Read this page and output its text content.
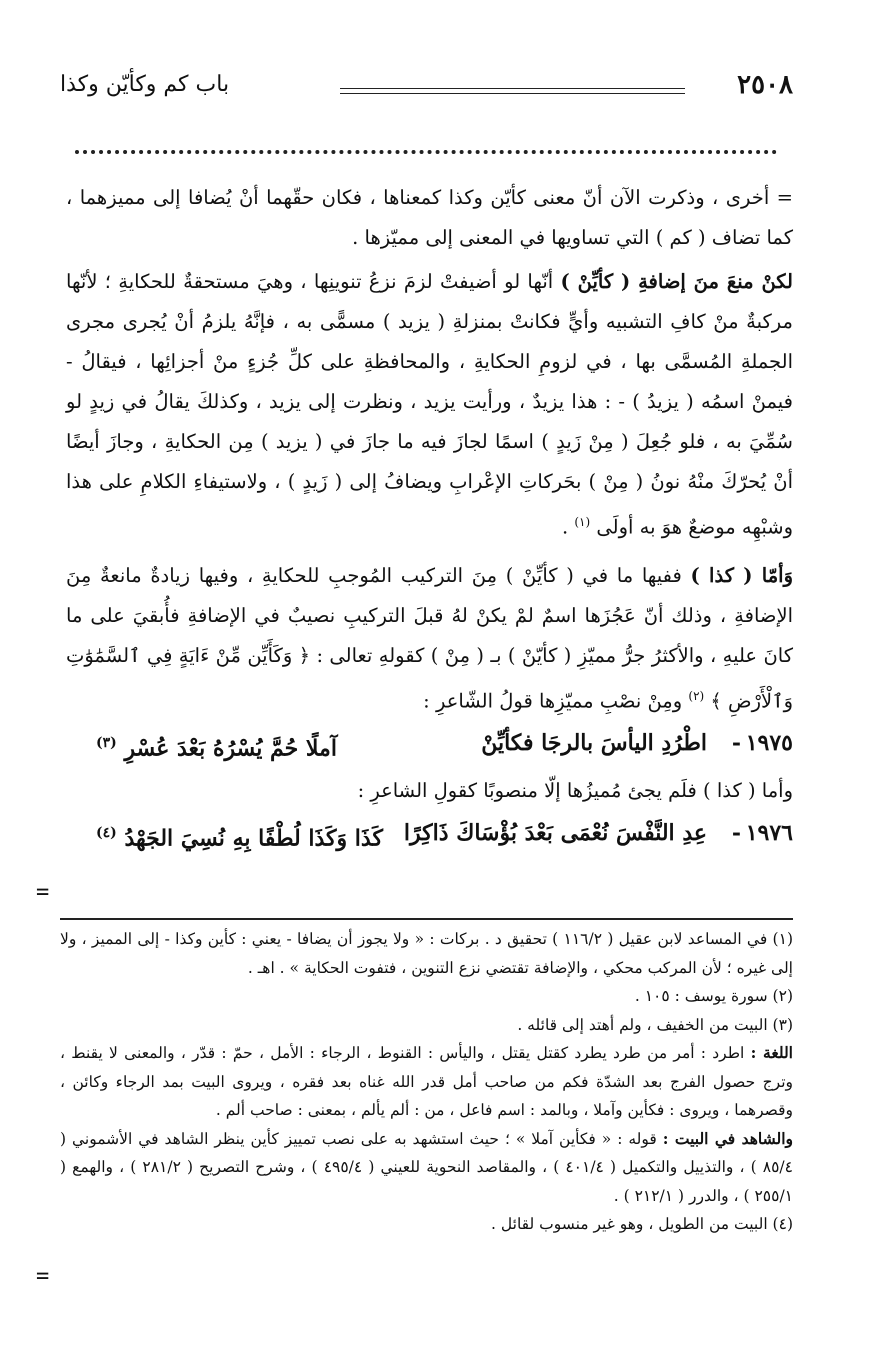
٢٥٠٨
باب كم وكأيّن وكذا

= أخرى ، وذكرت الآن أنّ معنى كأيّن وكذا كمعناها ، فكان حقّهما أنْ يُضافا إلى مميزهما ، كما تضاف ( كم ) التي تساويها في المعنى إلى مميّزها .

لكنْ منعَ منَ إضافةِ ( كأيِّنْ ) أنّها لو أضيفتْ لزمَ نزعُ تنوينِها ، وهيَ مستحقةٌ للحكايةِ ؛ لأنّها مركبةٌ منْ كافِ التشبيه وأيٍّ فكانتْ بمنزلةِ ( يزيد ) مسمًّى به ، فإنَّهُ يلزمُ أنْ يُجرى مجرى الجملةِ المُسمَّى بها ، في لزومِ الحكايةِ ، والمحافظةِ على كلِّ جُزءٍ منْ أجزائِها ، فيقالُ - فيمنْ اسمُه ( يزيدُ ) - : هذا يزيدٌ ، ورأيت يزيد ، ونظرت إلى يزيد ، وكذلكَ يقالُ في زيدٍ لو سُمِّيَ به ، فلو جُعِلَ ( مِنْ زَيدٍ ) اسمًا لجازَ فيه ما جازَ في ( يزيد ) مِن الحكايةِ ، وجازَ أيضًا أنْ يُحرّكَ منْهُ نونُ ( مِنْ ) بحَركاتِ الإعْرابِ ويضافُ إلى ( زَيدٍ ) ، ولاستيفاءِ الكلامِ على هذا وشبْهِه موضعٌ هوَ به أولَى $^{(١)}$ .

وَأمّا ( كذا ) ففيها ما في ( كأيِّنْ ) مِنَ التركيب المُوجبِ للحكايةِ ، وفيها زيادةٌ مانعةٌ مِنَ الإضافةِ ، وذلك أنّ عَجُزَها اسمٌ لمْ يكنْ لهُ قبلَ التركيبِ نصيبٌ في الإضافةِ فأُبقيَ على ما كانَ عليهِ ، والأكثرُ جرُّ مميّزِ ( كأيّنْ ) بـ ( مِنْ ) كقولهِ تعالى : ﴿ وَكَأَيِّن مِّنْ ءَايَةٍ فِي ٱلسَّمَٰوَٰتِ وَٱلْأَرْضِ ﴾ $^{(٢)}$ ومِنْ نصْبِ مميّزِها قولُ الشّاعرِ :

١٩٧٥
-
اطْرُدِ اليأسَ بالرجَا فكأيِّنْ
آملًا حُمَّ يُسْرُهُ بَعْدَ عُسْرِ $^{(٣)}$

وأما ( كذا ) فلَم يجئ مُميزُها إلّا منصوبًا كقولِ الشاعرِ :

١٩٧٦
-
عِدِ النَّفْسَ نُعْمَى بَعْدَ بُؤْسَاكَ ذَاكِرًا
كَذَا وَكَذَا لُطْفًا بِهِ نُسِيَ الجَهْدُ $^{(٤)}$
=

(١) في المساعد لابن عقيل ( ١١٦/٢ ) تحقيق د . بركات : « ولا يجوز أن يضافا - يعني : كأين وكذا - إلى المميز ، ولا إلى غيره ؛ لأن المركب محكي ، والإضافة تقتضي نزع التنوين ، فتفوت الحكاية » . اهـ .

(٢) سورة يوسف : ١٠٥ .

(٣) البيت من الخفيف ، ولم أهتد إلى قائله .

اللغة : اطرد : أمر من طرد يطرد كقتل يقتل ، واليأس : القنوط ، الرجاء : الأمل ، حمّ : قدّر ، والمعنى لا يقنط ، وترج حصول الفرج بعد الشدّة فكم من صاحب أمل قدر الله غناه بعد فقره ، ويروى البيت بمد الرجاء وكائن ، وقصرهما ، ويروى : فكأين وآملا ، وبالمد : اسم فاعل ، من : ألم يألم ، بمعنى : صاحب ألم .

والشاهد في البيت : قوله : « فكأين آملا » ؛ حيث استشهد به على نصب تمييز كأين ينظر الشاهد في الأشموني ( ٨٥/٤ ) ، والتذييل والتكميل ( ٤٠١/٤ ) ، والمقاصد النحوية للعيني ( ٤٩٥/٤ ) ، وشرح التصريح ( ٢٨١/٢ ) ، والهمع ( ٢٥٥/١ ) ، والدرر ( ٢١٢/١ ) .

(٤) البيت من الطويل ، وهو غير منسوب لقائل .

=
